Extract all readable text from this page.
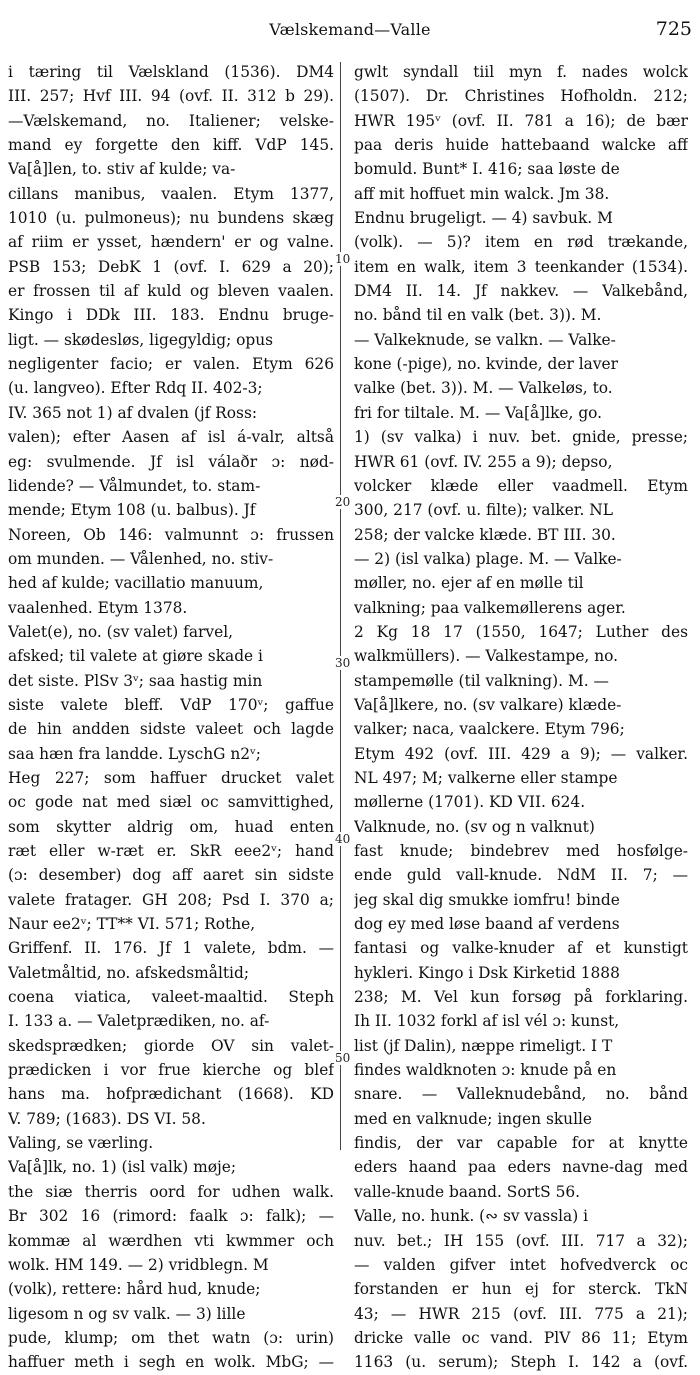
Vælskemand—Valle	725
i tæring til Vælskland (1536). DM4
III. 257; Hvf III. 94 (ovf. II. 312 b 29).
—Vælskemand, no. Italiener; velske-
mand ey forgette den kiff. VdP 145.
Va[å]len, to. stiv af kulde; va-
cillans manibus, vaalen. Etym 1377,
1010 (u. pulmoneus); nu bundens skæg
af riim er ysset, hændern' er og valne.
PSB 153; DebK 1 (ovf. I. 629 a 20);
er frossen til af kuld og bleven vaalen.
Kingo i DDk III. 183. Endnu bruge-
ligt. — skødesløs, ligegyldig; opus
negligenter facio; er valen. Etym 626
(u. langveo). Efter Rdq II. 402-3;
IV. 365 not 1) af dvalen (jf Ross:
valen); efter Aasen af isl á-valr, altså
eg: svulmende. Jf isl válaðr ɔ: nød-
lidende? — Vålmundet, to. stam-
mende; Etym 108 (u. balbus). Jf
Noreen, Ob 146: valmunnt ɔ: frussen
om munden. — Vålenhed, no. stiv-
hed af kulde; vacillatio manuum,
vaalenhed. Etym 1378.
Valet(e), no. (sv valet) farvel,
afsked; til valete at giøre skade i
det siste. PlSv 3ᵛ; saa hastig min
siste valete bleff. VdP 170ᵛ; gaffue
de hin andden sidste valeet och lagde
saa hæn fra landde. LyschG n2ᵛ;
Heg 227; som haffuer drucket valet
oc gode nat med siæl oc samvittighed,
som skytter aldrig om, huad enten
ræt eller w-ræt er. SkR eee2ᵛ; hand
(ɔ: desember) dog aff aaret sin sidste
valete fratager. GH 208; Psd I. 370 a;
Naur ee2ᵛ; TT** VI. 571; Rothe,
Griffenf. II. 176. Jf 1 valete, bdm. —
Valetmåltid, no. afskedsmåltid;
coena viatica, valeet-maaltid. Steph
I. 133 a. — Valetprædiken, no. af-
skedsprædken; giorde OV sin valet-
prædicken i vor frue kierche og blef
hans ma. hofprædichant (1668). KD
V. 789; (1683). DS VI. 58.
Valing, se værling.
Va[å]lk, no. 1) (isl valk) møje;
the siæ therris oord for udhen walk.
Br 302 16 (rimord: faalk ɔ: falk); —
kommæ al wærdhen vti kwmmer och
wolk. HM 149. — 2) vridblegn. M
(volk), rettere: hård hud, knude;
ligesom n og sv valk. — 3) lille
pude, klump; om thet watn (ɔ: urin)
haffuer meth i segh en wolk. MbG; —
gwlt syndall tiil myn f. nades wolck
(1507). Dr. Christines Hofholdn. 212;
HWR 195ᵛ (ovf. II. 781 a 16); de bær
paa deris huide hattebaand walcke aff
bomuld. Bunt* I. 416; saa løste de
aff mit hoffuet min walck. Jm 38.
Endnu brugeligt. — 4) savbuk. M
(volk). — 5)? item en rød trækande,
item en walk, item 3 teenkander (1534).
DM4 II. 14. Jf nakkev. — Valkebånd,
no. bånd til en valk (bet. 3)). M.
— Valkeknude, se valkn. — Valke-
kone (-pige), no. kvinde, der laver
valke (bet. 3)). M. — Valkeløs, to.
fri for tiltale. M. — Va[å]lke, go.
1) (sv valka) i nuv. bet. gnide, presse;
HWR 61 (ovf. IV. 255 a 9); depso,
volcker klæde eller vaadmell. Etym
300, 217 (ovf. u. filte); valker. NL
258; der valcke klæde. BT III. 30.
— 2) (isl valka) plage. M. — Valke-
møller, no. ejer af en mølle til
valkning; paa valkemøllerens ager.
2 Kg 18 17 (1550, 1647; Luther des
walkmüllers). — Valkestampe, no.
stampemølle (til valkning). M. —
Va[å]lkere, no. (sv valkare) klæde-
valker; naca, vaalckere. Etym 796;
Etym 492 (ovf. III. 429 a 9); — valker.
NL 497; M; valkerne eller stampe
møllerne (1701). KD VII. 624.
Valknude, no. (sv og n valknut)
fast knude; bindebrev med hosfølge-
ende guld vall-knude. NdM II. 7; —
jeg skal dig smukke iomfru! binde
dog ey med løse baand af verdens
fantasi og valke-knuder af et kunstigt
hykleri. Kingo i Dsk Kirketid 1888
238; M. Vel kun forsøg på forklaring.
Ih II. 1032 forkl af isl vél ɔ: kunst,
list (jf Dalin), næppe rimeligt. I T
findes waldknoten ɔ: knude på en
snare. — Valleknudebånd, no. bånd
med en valknude; ingen skulle
findis, der var capable for at knytte
eders haand paa eders navne-dag med
valle-knude baand. SortS 56.
Valle, no. hunk. (∾ sv vassla) i
nuv. bet.; IH 155 (ovf. III. 717 a 32);
— valden gifver intet hofvedverck oc
forstanden er hun ej for sterck. TkN
43; — HWR 215 (ovf. III. 775 a 21);
dricke valle oc vand. PlV 86 11; Etym
1163 (u. serum); Steph I. 142 a (ovf.
10
20
30
40
50
